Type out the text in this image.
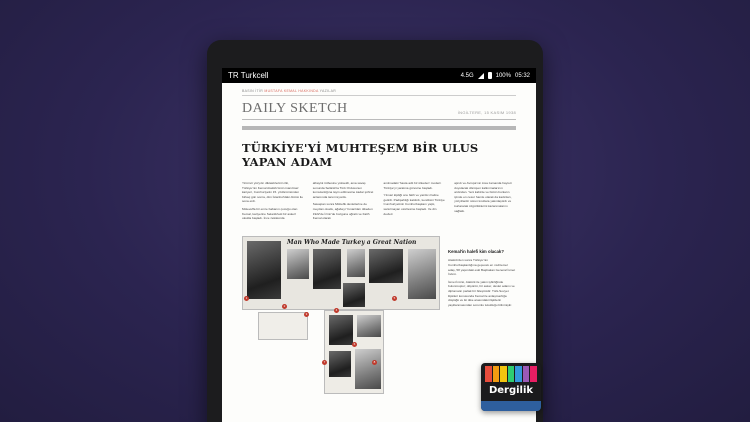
TR Turkcell	4.5G	100% 05:32
BASIN İTİR MUSTAFA KEMAL HAKKINDA YAZILAR
DAILY SKETCH	İNGİLTERE, 15 KASIM 1938
TÜRKİYE'Yİ MUHTEŞEM BİR ULUS
YAPAN ADAM

Yirminci yüzyılın diktatörlerinin ilki, Türkiye'nin Kemal Atatürk'ünün inanılmaz kariyeri, Cumhuriyetin 15. yıldönümünden birkaç gün sonra, dün İstanbul'daki ölümü ile sona erdi.

Müteveffa bir emre babanın çocuğu olan Kemal, kariyerine Selanik'teki bir askerî okulda başladı. İnce zekâsında

albaylık rütbesine yükseldi, ama savaş sonunda Selânik'ta Türk Ordusunun komutanlığına tayin edilmesine kadar şöhret anlamında tanınmıyordu.

Savaştan sonra Müttefik devletlerine de meydan okudu, ağabeyi Yunanlıları ülkeden 1922'de İzmir'de bozguna uğrattı ve Fatih Kemal olarak

anılmadaki 'hasta adlı bir ülkeden' modern Türkiye'yi yaratma görevine başladı.

Yılmaz kişiliği onu fatih ve yazdıcı haline getirdi. Padişahlığı kaldırdı, kendisini Türkiye Cumhuriyetinin Cumhurbaşkanı yaptı, sarsılmayan otoritesine başladı. Ve din devleti

ajındı ve Avrupa'nın kısa zamanda hayreti duyulacak dönüşen kalkınmalarının ardından. Yeni kabinle ve bütün bunların içinde en cesur hamle olarak da kadınları, yüzyıllardır süren kısıtlara yakınlaştırdı ve kurtararak özgürlüklerini kazanmalarını sağlattı.

Man Who Made Turkey a Great Nation
1
2
3
4
5
6
7	8
Kemal'in halefi kim olacak?

Atatürk'den sonra Türkiye'nin Cumhurbaşkanlığına geçecek en muhtemel adaş, 58 yaşındaki eski Başbakan General İsmet İnönü.

İsmet İnönü, Atatürk ile yakın işbirliğinde bulunmuştur; döşüntü, bir asker, devlet adamı ve diplomatın parlak bir bileşimidir. Türk-Sovyet ilişkileri konusunda Kemal ile anlaşmazlığa düştüğü ve iki ülke arasındaki ilişkilerin yaşlılanmasından sorumlu tutulduğu bilinmiştir.

Dergilik
